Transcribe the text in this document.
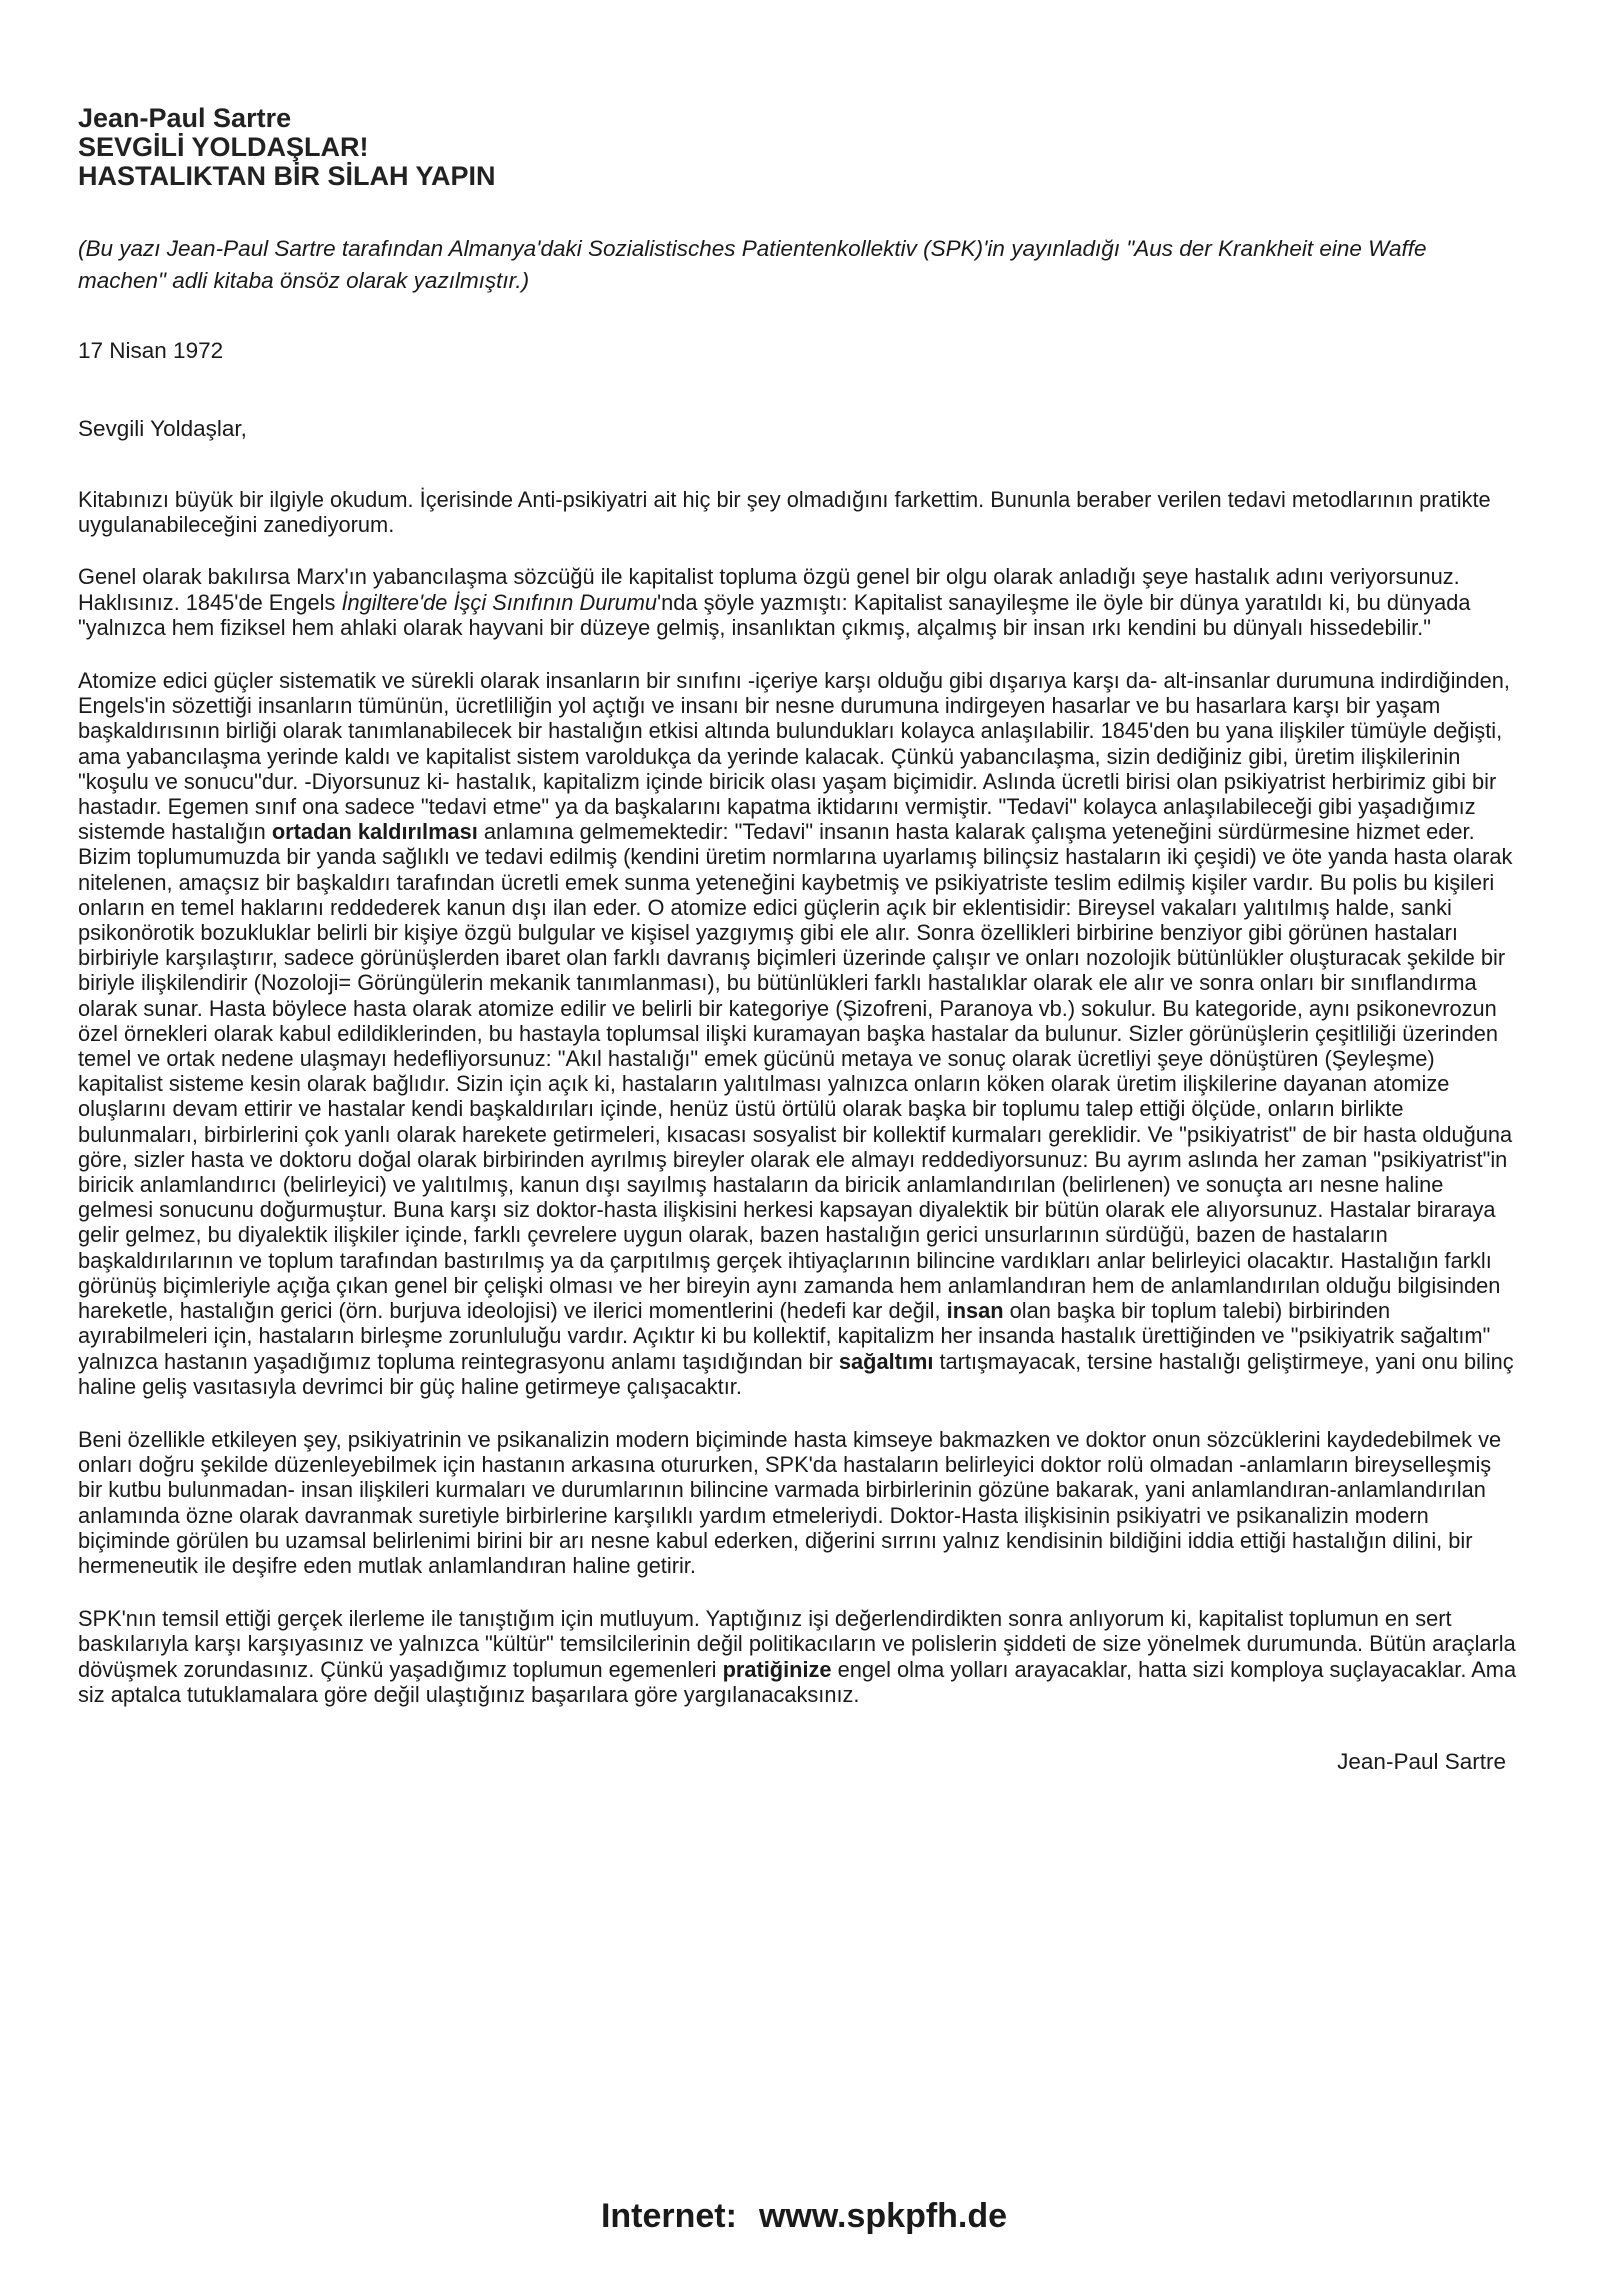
Jean-Paul Sartre

SEVGİLİ YOLDAŞLAR!

HASTALIKTAN BİR SİLAH YAPIN

(Bu yazı Jean-Paul Sartre tarafından Almanya'daki Sozialistisches Patientenkollektiv (SPK)'in yayınladığı "Aus der Krankheit eine Waffe machen" adli kitaba önsöz olarak yazılmıştır.)

17 Nisan 1972

Sevgili Yoldaşlar,

Kitabınızı büyük bir ilgiyle okudum. İçerisinde Anti-psikiyatri ait hiç bir şey olmadığını farkettim. Bununla beraber verilen tedavi metodlarının pratikte uygulanabileceğini zanediyorum.

Genel olarak bakılırsa Marx'ın yabancılaşma sözcüğü ile kapitalist topluma özgü genel bir olgu olarak anladığı şeye hastalık adını veriyorsunuz. Haklısınız. 1845'de Engels İngiltere'de İşçi Sınıfının Durumu'nda şöyle yazmıştı: Kapitalist sanayileşme ile öyle bir dünya yaratıldı ki, bu dünyada "yalnızca hem fiziksel hem ahlaki olarak hayvani bir düzeye gelmiş, insanlıktan çıkmış, alçalmış bir insan ırkı kendini bu dünyalı hissedebilir."

Atomize edici güçler sistematik ve sürekli olarak insanların bir sınıfını -içeriye karşı olduğu gibi dışarıya karşı da- alt-insanlar durumuna indirdiğinden, Engels'in sözettiği insanların tümünün, ücretliliğin yol açtığı ve insanı bir nesne durumuna indirgeyen hasarlar ve bu hasarlara karşı bir yaşam başkaldırısının birliği olarak tanımlanabilecek bir hastalığın etkisi altında bulundukları kolayca anlaşılabilir. 1845'den bu yana ilişkiler tümüyle değişti, ama yabancılaşma yerinde kaldı ve kapitalist sistem varoldukça da yerinde kalacak. Çünkü yabancılaşma, sizin dediğiniz gibi, üretim ilişkilerinin "koşulu ve sonucu"dur. -Diyorsunuz ki- hastalık, kapitalizm içinde biricik olası yaşam biçimidir. Aslında ücretli birisi olan psikiyatrist herbirimiz gibi bir hastadır. Egemen sınıf ona sadece "tedavi etme" ya da başkalarını kapatma iktidarını vermiştir. "Tedavi" kolayca anlaşılabileceği gibi yaşadığımız sistemde hastalığın ortadan kaldırılması anlamına gelmemektedir: "Tedavi" insanın hasta kalarak çalışma yeteneğini sürdürmesine hizmet eder. Bizim toplumumuzda bir yanda sağlıklı ve tedavi edilmiş (kendini üretim normlarına uyarlamış bilinçsiz hastaların iki çeşidi) ve öte yanda hasta olarak nitelenen, amaçsız bir başkaldırı tarafından ücretli emek sunma yeteneğini kaybetmiş ve psikiyatriste teslim edilmiş kişiler vardır. Bu polis bu kişileri onların en temel haklarını reddederek kanun dışı ilan eder. O atomize edici güçlerin açık bir eklentisidir: Bireysel vakaları yalıtılmış halde, sanki psikonörotik bozukluklar belirli bir kişiye özgü bulgular ve kişisel yazgıymış gibi ele alır. Sonra özellikleri birbirine benziyor gibi görünen hastaları birbiriyle karşılaştırır, sadece görünüşlerden ibaret olan farklı davranış biçimleri üzerinde çalışır ve onları nozolojik bütünlükler oluşturacak şekilde bir biriyle ilişkilendirir (Nozoloji= Görüngülerin mekanik tanımlanması), bu bütünlükleri farklı hastalıklar olarak ele alır ve sonra onları bir sınıflandırma olarak sunar. Hasta böylece hasta olarak atomize edilir ve belirli bir kategoriye (Şizofreni, Paranoya vb.) sokulur. Bu kategoride, aynı psikonevrozun özel örnekleri olarak kabul edildiklerinden, bu hastayla toplumsal ilişki kuramayan başka hastalar da bulunur. Sizler görünüşlerin çeşitliliği üzerinden temel ve ortak nedene ulaşmayı hedefliyorsunuz: "Akıl hastalığı" emek gücünü metaya ve sonuç olarak ücretliyi şeye dönüştüren (Şeyleşme) kapitalist sisteme kesin olarak bağlıdır. Sizin için açık ki, hastaların yalıtılması yalnızca onların köken olarak üretim ilişkilerine dayanan atomize oluşlarını devam ettirir ve hastalar kendi başkaldırıları içinde, henüz üstü örtülü olarak başka bir toplumu talep ettiği ölçüde, onların birlikte bulunmaları, birbirlerini çok yanlı olarak harekete getirmeleri, kısacası sosyalist bir kollektif kurmaları gereklidir. Ve "psikiyatrist" de bir hasta olduğuna göre, sizler hasta ve doktoru doğal olarak birbirinden ayrılmış bireyler olarak ele almayı reddediyorsunuz: Bu ayrım aslında her zaman "psikiyatrist"in biricik anlamlandırıcı (belirleyici) ve yalıtılmış, kanun dışı sayılmış hastaların da biricik anlamlandırılan (belirlenen) ve sonuçta arı nesne haline gelmesi sonucunu doğurmuştur. Buna karşı siz doktor-hasta ilişkisini herkesi kapsayan diyalektik bir bütün olarak ele alıyorsunuz. Hastalar biraraya gelir gelmez, bu diyalektik ilişkiler içinde, farklı çevrelere uygun olarak, bazen hastalığın gerici unsurlarının sürdüğü, bazen de hastaların başkaldırılarının ve toplum tarafından bastırılmış ya da çarpıtılmış gerçek ihtiyaçlarının bilincine vardıkları anlar belirleyici olacaktır. Hastalığın farklı görünüş biçimleriyle açığa çıkan genel bir çelişki olması ve her bireyin aynı zamanda hem anlamlandıran hem de anlamlandırılan olduğu bilgisinden hareketle, hastalığın gerici (örn. burjuva ideolojisi) ve ilerici momentlerini (hedefi kar değil, insan olan başka bir toplum talebi) birbirinden ayırabilmeleri için, hastaların birleşme zorunluluğu vardır. Açıktır ki bu kollektif, kapitalizm her insanda hastalık ürettiğinden ve "psikiyatrik sağaltım" yalnızca hastanın yaşadığımız topluma reintegrasyonu anlamı taşıdığından bir sağaltımı tartışmayacak, tersine hastalığı geliştirmeye, yani onu bilinç haline geliş vasıtasıyla devrimci bir güç haline getirmeye çalışacaktır.

Beni özellikle etkileyen şey, psikiyatrinin ve psikanalizin modern biçiminde hasta kimseye bakmazken ve doktor onun sözcüklerini kaydedebilmek ve onları doğru şekilde düzenleyebilmek için hastanın arkasına otururken, SPK'da hastaların belirleyici doktor rolü olmadan -anlamların bireyselleşmiş bir kutbu bulunmadan- insan ilişkileri kurmaları ve durumlarının bilincine varmada birbirlerinin gözüne bakarak, yani anlamlandıran-anlamlandırılan anlamında özne olarak davranmak suretiyle birbirlerine karşılıklı yardım etmeleriydi. Doktor-Hasta ilişkisinin psikiyatri ve psikanalizin modern biçiminde görülen bu uzamsal belirlenimi birini bir arı nesne kabul ederken, diğerini sırrını yalnız kendisinin bildiğini iddia ettiği hastalığın dilini, bir hermeneutik ile deşifre eden mutlak anlamlandıran haline getirir.

SPK'nın temsil ettiği gerçek ilerleme ile tanıştığım için mutluyum. Yaptığınız işi değerlendirdikten sonra anlıyorum ki, kapitalist toplumun en sert baskılarıyla karşı karşıyasınız ve yalnızca "kültür" temsilcilerinin değil politikacıların ve polislerin şiddeti de size yönelmek durumunda. Bütün araçlarla dövüşmek zorundasınız. Çünkü yaşadığımız toplumun egemenleri pratiğinize engel olma yolları arayacaklar, hatta sizi komploya suçlayacaklar. Ama siz aptalca tutuklamalara göre değil ulaştığınız başarılara göre yargılanacaksınız.

Jean-Paul Sartre

Internet: www.spkpfh.de
